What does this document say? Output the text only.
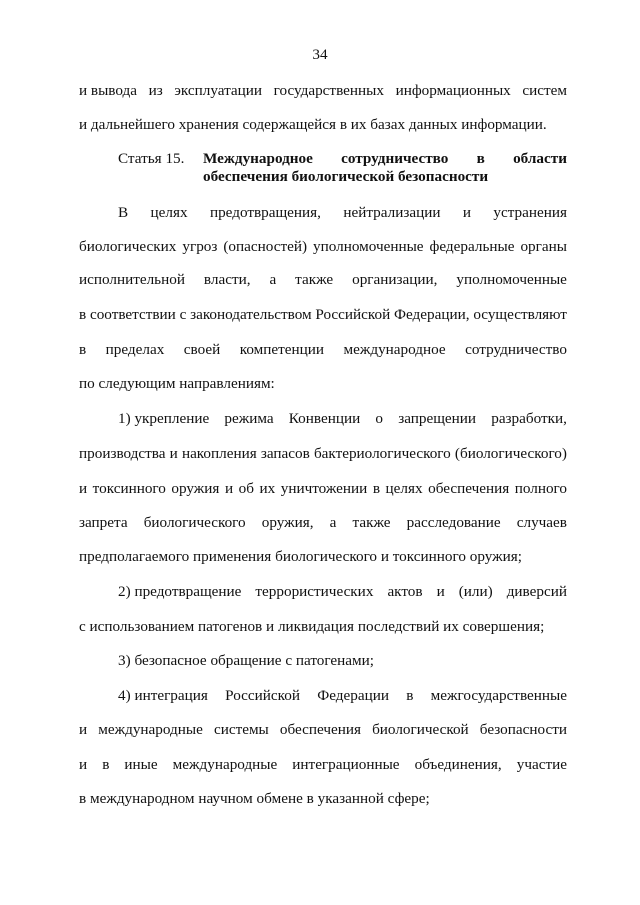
34
и вывода из эксплуатации государственных информационных систем
и дальнейшего хранения содержащейся в их базах данных информации.
Статья 15. Международное сотрудничество в области
обеспечения биологической безопасности
В целях предотвращения, нейтрализации и устранения
биологических угроз (опасностей) уполномоченные федеральные органы
исполнительной власти, а также организации, уполномоченные
в соответствии с законодательством Российской Федерации, осуществляют
в пределах своей компетенции международное сотрудничество
по следующим направлениям:
1) укрепление режима Конвенции о запрещении разработки,
производства и накопления запасов бактериологического (биологического)
и токсинного оружия и об их уничтожении в целях обеспечения полного
запрета биологического оружия, а также расследование случаев
предполагаемого применения биологического и токсинного оружия;
2) предотвращение террористических актов и (или) диверсий
с использованием патогенов и ликвидация последствий их совершения;
3) безопасное обращение с патогенами;
4) интеграция Российской Федерации в межгосударственные
и международные системы обеспечения биологической безопасности
и в иные международные интеграционные объединения, участие
в международном научном обмене в указанной сфере;
